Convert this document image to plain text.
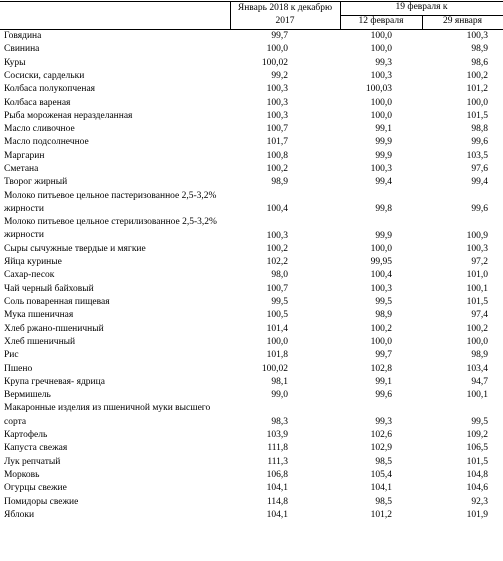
Январь 2018 к декабрю 2017
19 февраля к
12 февраля	29 января
Говядина	99,7	100,0	100,3
Свинина	100,0	100,0	98,9
Куры	100,02	99,3	98,6
Сосиски, сардельки	99,2	100,3	100,2
Колбаса полукопченая	100,3	100,03	101,2
Колбаса вареная	100,3	100,0	100,0
Рыба мороженая неразделанная	100,3	100,0	101,5
Масло сливочное	100,7	99,1	98,8
Масло подсолнечное	101,7	99,9	99,6
Маргарин	100,8	99,9	103,5
Сметана	100,2	100,3	97,6
Творог жирный	98,9	99,4	99,4
Молоко питьевое цельное пастеризованное 2,5-3,2% жирности	100,4	99,8	99,6
Молоко питьевое цельное стерилизованное 2,5-3,2% жирности	100,3	99,9	100,9
Сыры сычужные твердые и мягкие	100,2	100,0	100,3
Яйца куриные	102,2	99,95	97,2
Сахар-песок	98,0	100,4	101,0
Чай черный байховый	100,7	100,3	100,1
Соль поваренная пищевая	99,5	99,5	101,5
Мука пшеничная	100,5	98,9	97,4
Хлеб ржано-пшеничный	101,4	100,2	100,2
Хлеб пшеничный	100,0	100,0	100,0
Рис	101,8	99,7	98,9
Пшено	100,02	102,8	103,4
Крупа гречневая- ядрица	98,1	99,1	94,7
Вермишель	99,0	99,6	100,1
Макаронные изделия из пшеничной муки высшего сорта	98,3	99,3	99,5
Картофель	103,9	102,6	109,2
Капуста свежая	111,8	102,9	106,5
Лук репчатый	111,3	98,5	101,5
Морковь	106,8	105,4	104,8
Огурцы свежие	104,1	104,1	104,6
Помидоры свежие	114,8	98,5	92,3
Яблоки	104,1	101,2	101,9
